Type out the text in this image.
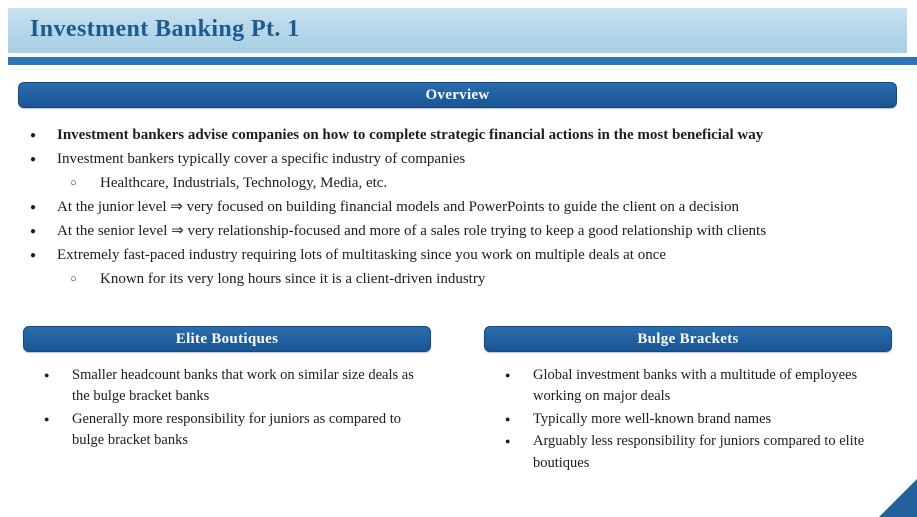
Investment Banking Pt. 1
Overview
●	Investment bankers advise companies on how to complete strategic financial actions in the most beneficial way
●	Investment bankers typically cover a specific industry of companies
○	Healthcare, Industrials, Technology, Media, etc.
●	At the junior level ⇒ very focused on building financial models and PowerPoints to guide the client on a decision
●	At the senior level ⇒ very relationship-focused and more of a sales role trying to keep a good relationship with clients
●	Extremely fast-paced industry requiring lots of multitasking since you work on multiple deals at once
○	Known for its very long hours since it is a client-driven industry
Elite Boutiques
●	Smaller headcount banks that work on similar size deals as the bulge bracket banks
●	Generally more responsibility for juniors as compared to bulge bracket banks
Bulge Brackets
●	Global investment banks with a multitude of employees working on major deals
●	Typically more well-known brand names
●	Arguably less responsibility for juniors compared to elite boutiques
